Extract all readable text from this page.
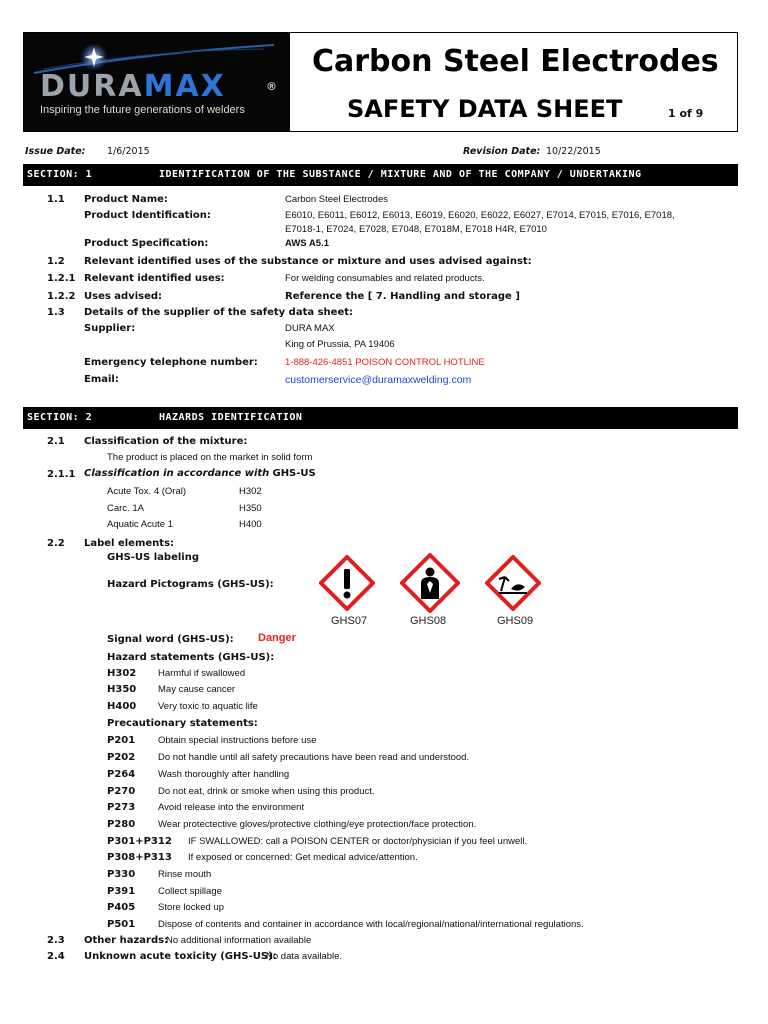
DURAMAX	®
Inspiring the future generations of welders
Carbon Steel Electrodes
SAFETY DATA SHEET	1 of 9
Issue Date: 1/6/2015	Revision Date: 10/22/2015
SECTION: 1	IDENTIFICATION OF THE SUBSTANCE / MIXTURE AND OF THE COMPANY / UNDERTAKING
1.1 Product Name:	Carbon Steel Electrodes
Product Identification:	E6010, E6011, E6012, E6013, E6019, E6020, E6022, E6027, E7014, E7015, E7016, E7018,
E7018-1, E7024, E7028, E7048, E7018M, E7018 H4R, E7010
Product Specification:	AWS A5.1
1.2 Relevant identified uses of the substance or mixture and uses advised against:
1.2.1 Relevant identified uses:	For welding consumables and related products.
1.2.2 Uses advised:	Reference the [ 7. Handling and storage ]
1.3 Details of the supplier of the safety data sheet:
Supplier:	DURA MAX
King of Prussia, PA 19406
Emergency telephone number:	1-888-426-4851 POISON CONTROL HOTLINE
Email:	customerservice@duramaxwelding.com
SECTION: 2	HAZARDS IDENTIFICATION
2.1 Classification of the mixture:
The product is placed on the market in solid form
2.1.1 Classification in accordance with GHS-US
Acute Tox. 4 (Oral)	H302
Carc. 1A	H350
Aquatic Acute 1	H400
2.2 Label elements:
GHS-US labeling
Hazard Pictograms (GHS-US):
GHS07	GHS08	GHS09
Signal word (GHS-US): Danger
Hazard statements (GHS-US):
H302 Harmful if swallowed
H350 May cause cancer
H400 Very toxic to aquatic life
Precautionary statements:
P201 Obtain special instructions before use
P202 Do not handle until all safety precautions have been read and understood.
P264 Wash thoroughly after handling
P270 Do not eat, drink or smoke when using this product.
P273 Avoid release into the environment
P280 Wear protectective gloves/protective clothing/eye protection/face protection.
P301+P312 IF SWALLOWED: call a POISON CENTER or doctor/physician if you feel unwell.
P308+P313 If exposed or concerned: Get medical advice/attention.
P330 Rinse mouth
P391 Collect spillage
P405 Store locked up
P501 Dispose of contents and container in accordance with local/regional/national/international regulations.
2.3 Other hazards:
No additional information available
2.4 Unknown acute toxicity (GHS-US):
No data available.
